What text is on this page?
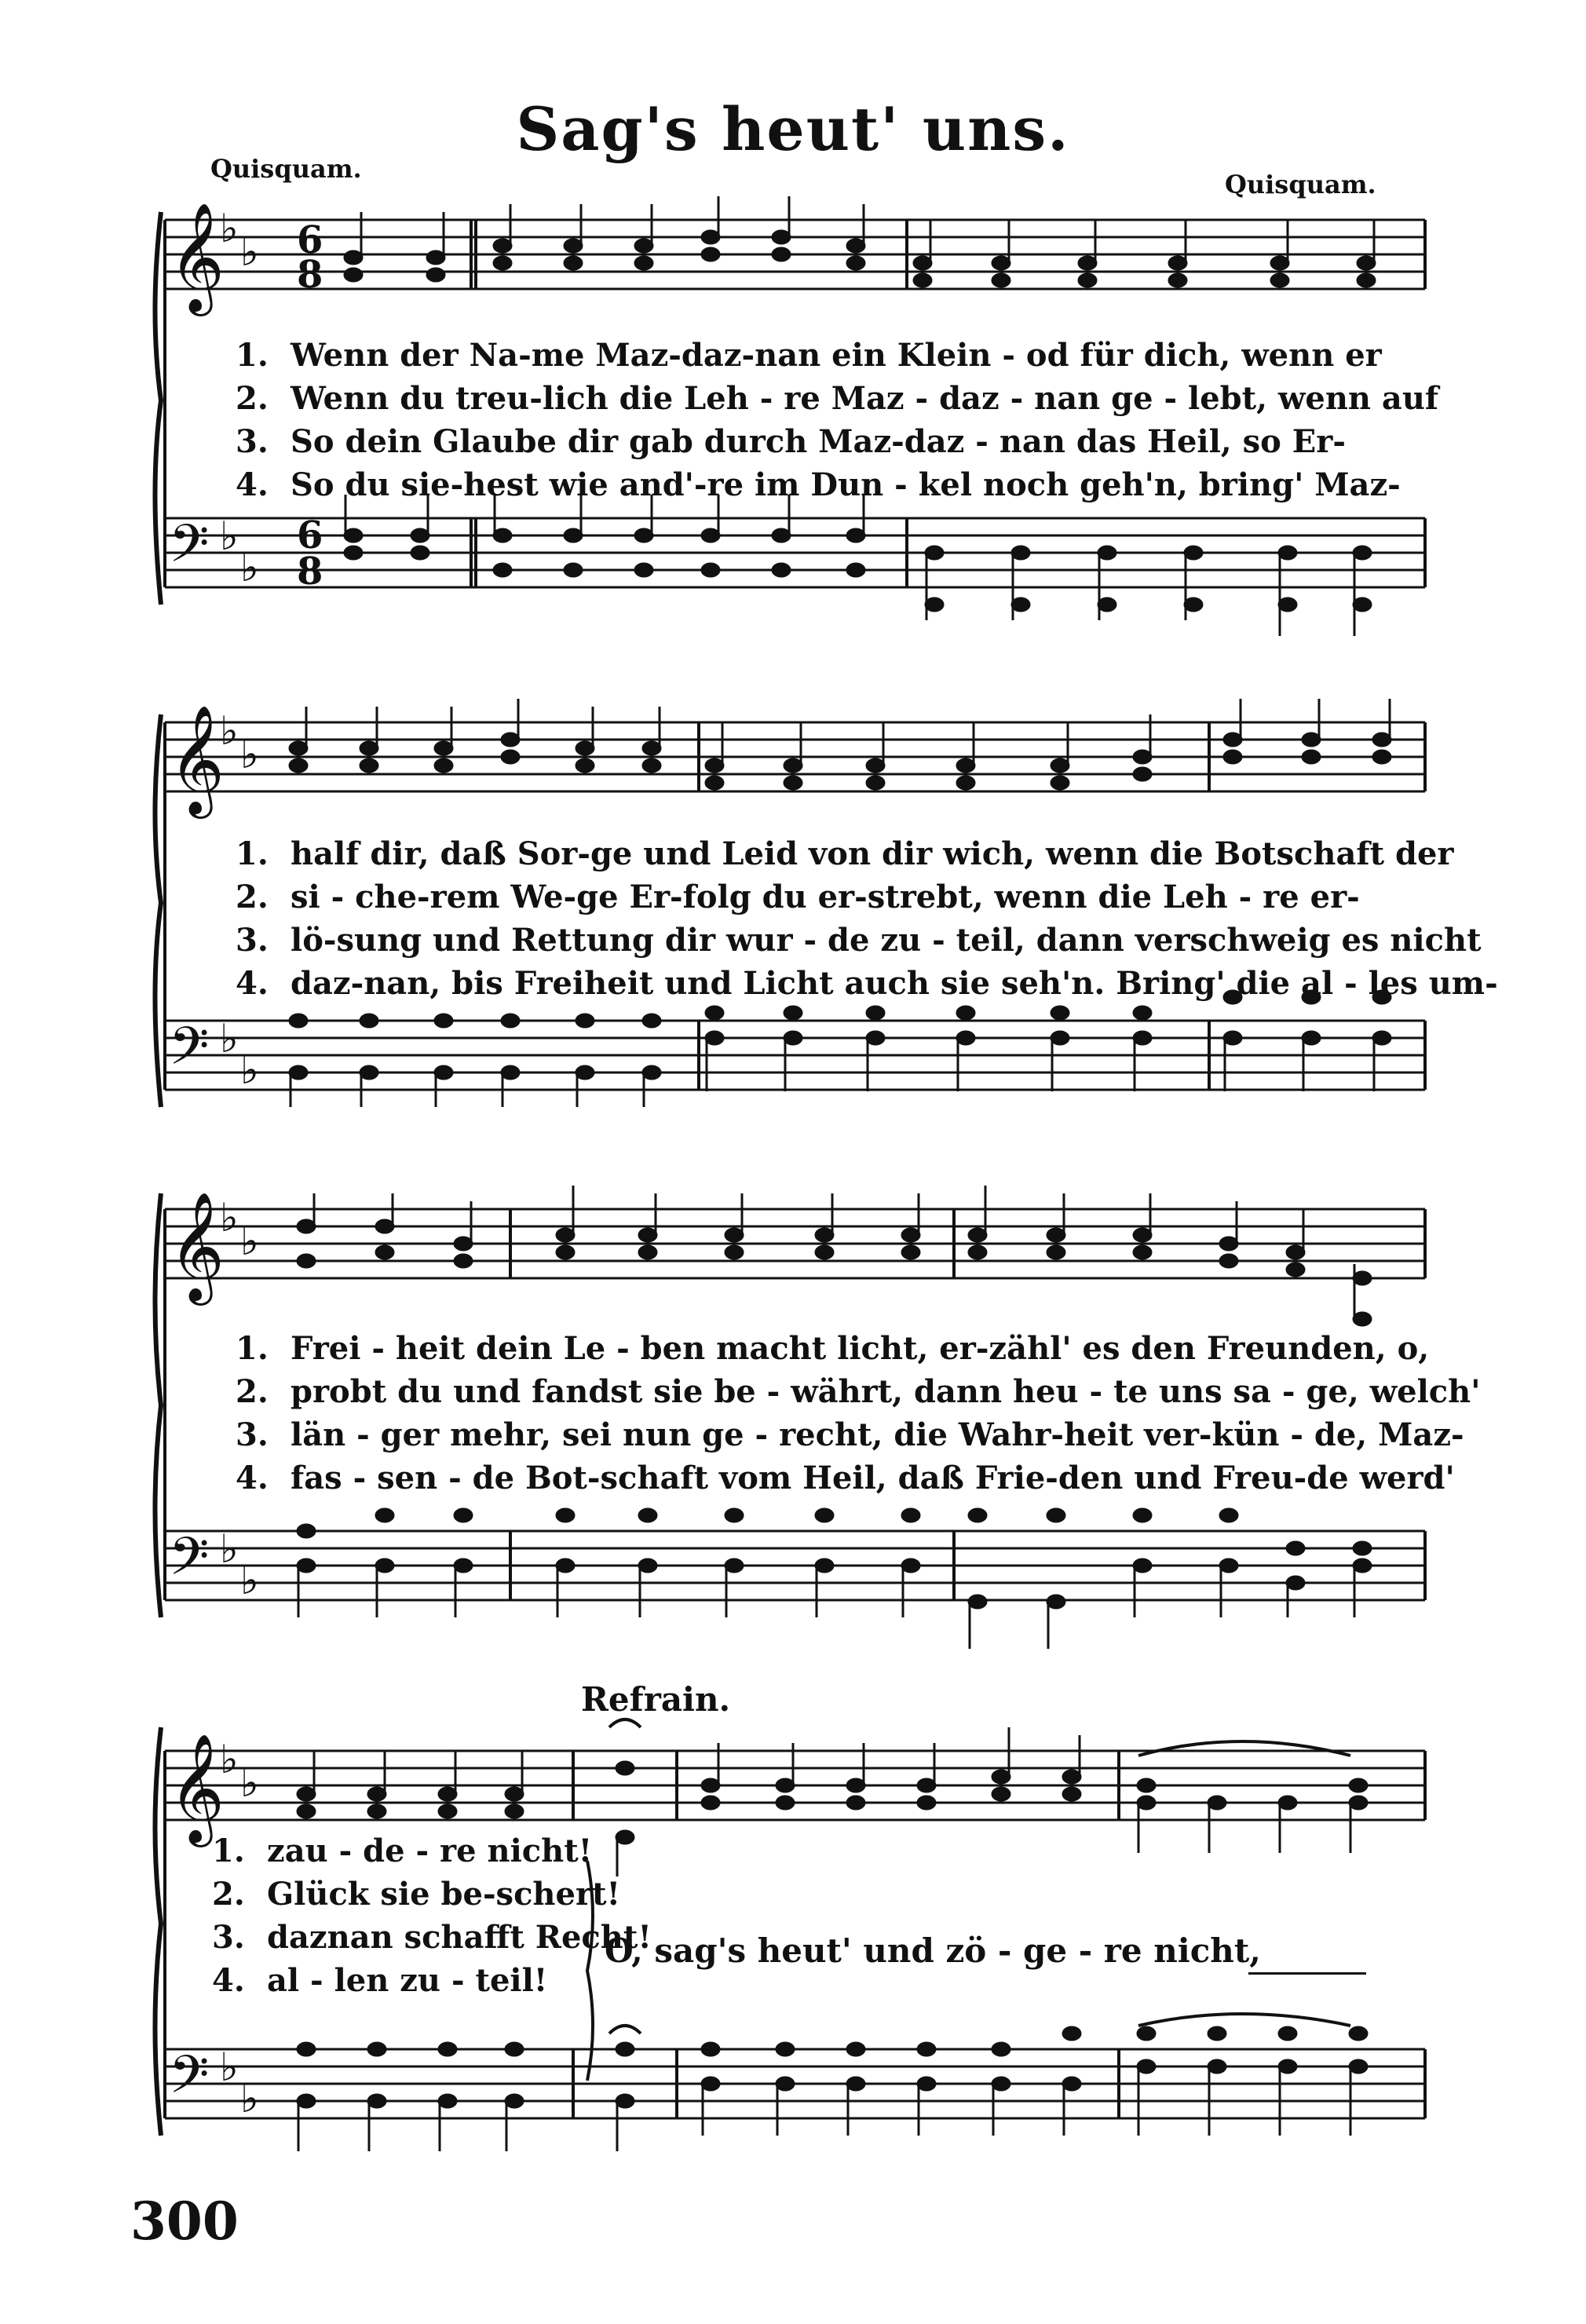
Sag's heut' uns.
Quisquam.
Quisquam.
𝄞
𝄢
♭
♭
♭
♭
6
8
6
8
1. Wenn der Na-me Maz-daz-nan ein Klein - od für dich, wenn er
2. Wenn du treu-lich die Leh - re Maz - daz - nan ge - lebt, wenn auf
3. So dein Glaube dir gab durch Maz-daz - nan das Heil, so Er-
4. So du sie-hest wie and'-re im Dun - kel noch geh'n, bring' Maz-
𝄞
𝄢
♭
♭
♭
♭
1. half dir, daß Sor-ge und Leid von dir wich, wenn die Botschaft der
2. si - che-rem We-ge Er-folg du er-strebt, wenn die Leh - re er-
3. lö-sung und Rettung dir wur - de zu - teil, dann verschweig es nicht
4. daz-nan, bis Freiheit und Licht auch sie seh'n. Bring' die al - les um-
𝄞
𝄢
♭
♭
♭
♭
1. Frei - heit dein Le - ben macht licht, er-zähl' es den Freunden, o,
2. probt du und fandst sie be - währt, dann heu - te uns sa - ge, welch'
3. län - ger mehr, sei nun ge - recht, die Wahr-heit ver-kün - de, Maz-
4. fas - sen - de Bot-schaft vom Heil, daß Frie-den und Freu-de werd'
Refrain.
𝄞
𝄢
♭
♭
♭
♭
1. zau - de - re nicht!
2. Glück sie be-schert!
3. daznan schafft Recht!
4. al - len zu - teil!
O, sag's heut' und zö - ge - re nicht,
300
